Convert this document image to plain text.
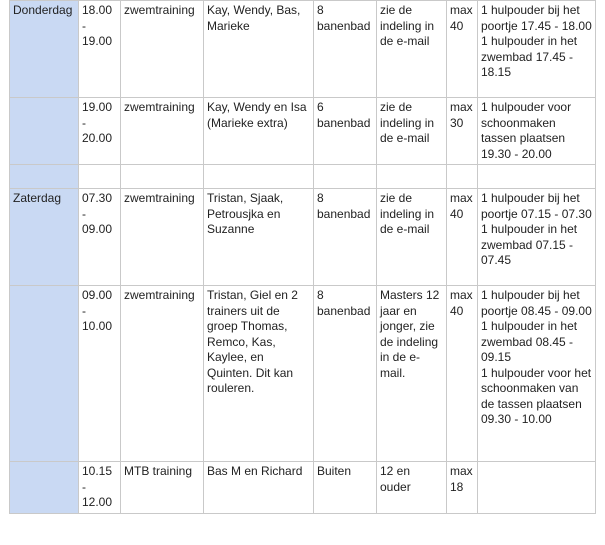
Donderdag	18.00
-
19.00	zwemtraining	Kay, Wendy, Bas, Marieke	8 banenbad	zie de indeling in de e-mail	max 40	1 hulpouder bij het poortje 17.45 - 18.00
1 hulpouder in het zwembad 17.45 - 18.15

	19.00
-
20.00	zwemtraining	Kay, Wendy en Isa (Marieke extra)	6 banenbad	zie de indeling in de e-mail	max 30	1 hulpouder voor schoonmaken tassen plaatsen 19.30 - 20.00

Zaterdag	07.30
-
09.00	zwemtraining	Tristan, Sjaak, Petrousjka en Suzanne	8 banenbad	zie de indeling in de e-mail	max 40	1 hulpouder bij het poortje 07.15 - 07.30
1 hulpouder in het zwembad 07.15 - 07.45

	09.00
-
10.00	zwemtraining	Tristan, Giel en 2 trainers uit de groep Thomas, Remco, Kas, Kaylee, en Quinten. Dit kan rouleren.	8 banenbad	Masters 12 jaar en jonger, zie de indeling in de e-mail.	max 40	1 hulpouder bij het poortje 08.45 - 09.00
1 hulpouder in het zwembad 08.45 - 09.15
1 hulpouder voor het schoonmaken van de tassen plaatsen 09.30 - 10.00

	10.15
-
12.00	MTB training	Bas M en Richard	Buiten	12 en ouder	max 18	
